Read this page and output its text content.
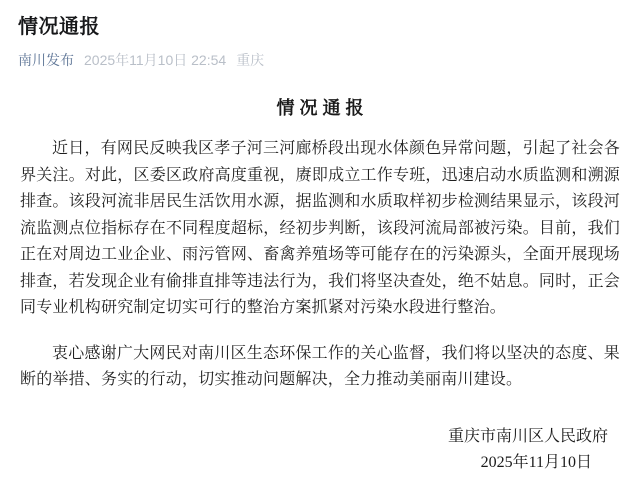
情况通报
南川发布 2025年11月10日 22:54 重庆
情况通报

近日，有网民反映我区孝子河三河廊桥段出现水体颜色异常问题，引起了社会各界关注。对此，区委区政府高度重视，赓即成立工作专班，迅速启动水质监测和溯源排查。该段河流非居民生活饮用水源，据监测和水质取样初步检测结果显示，该段河流监测点位指标存在不同程度超标，经初步判断，该段河流局部被污染。目前，我们正在对周边工业企业、雨污管网、畜禽养殖场等可能存在的污染源头，全面开展现场排查，若发现企业有偷排直排等违法行为，我们将坚决查处，绝不姑息。同时，正会同专业机构研究制定切实可行的整治方案抓紧对污染水段进行整治。

衷心感谢广大网民对南川区生态环保工作的关心监督，我们将以坚决的态度、果断的举措、务实的行动，切实推动问题解决，全力推动美丽南川建设。

重庆市南川区人民政府
2025年11月10日
